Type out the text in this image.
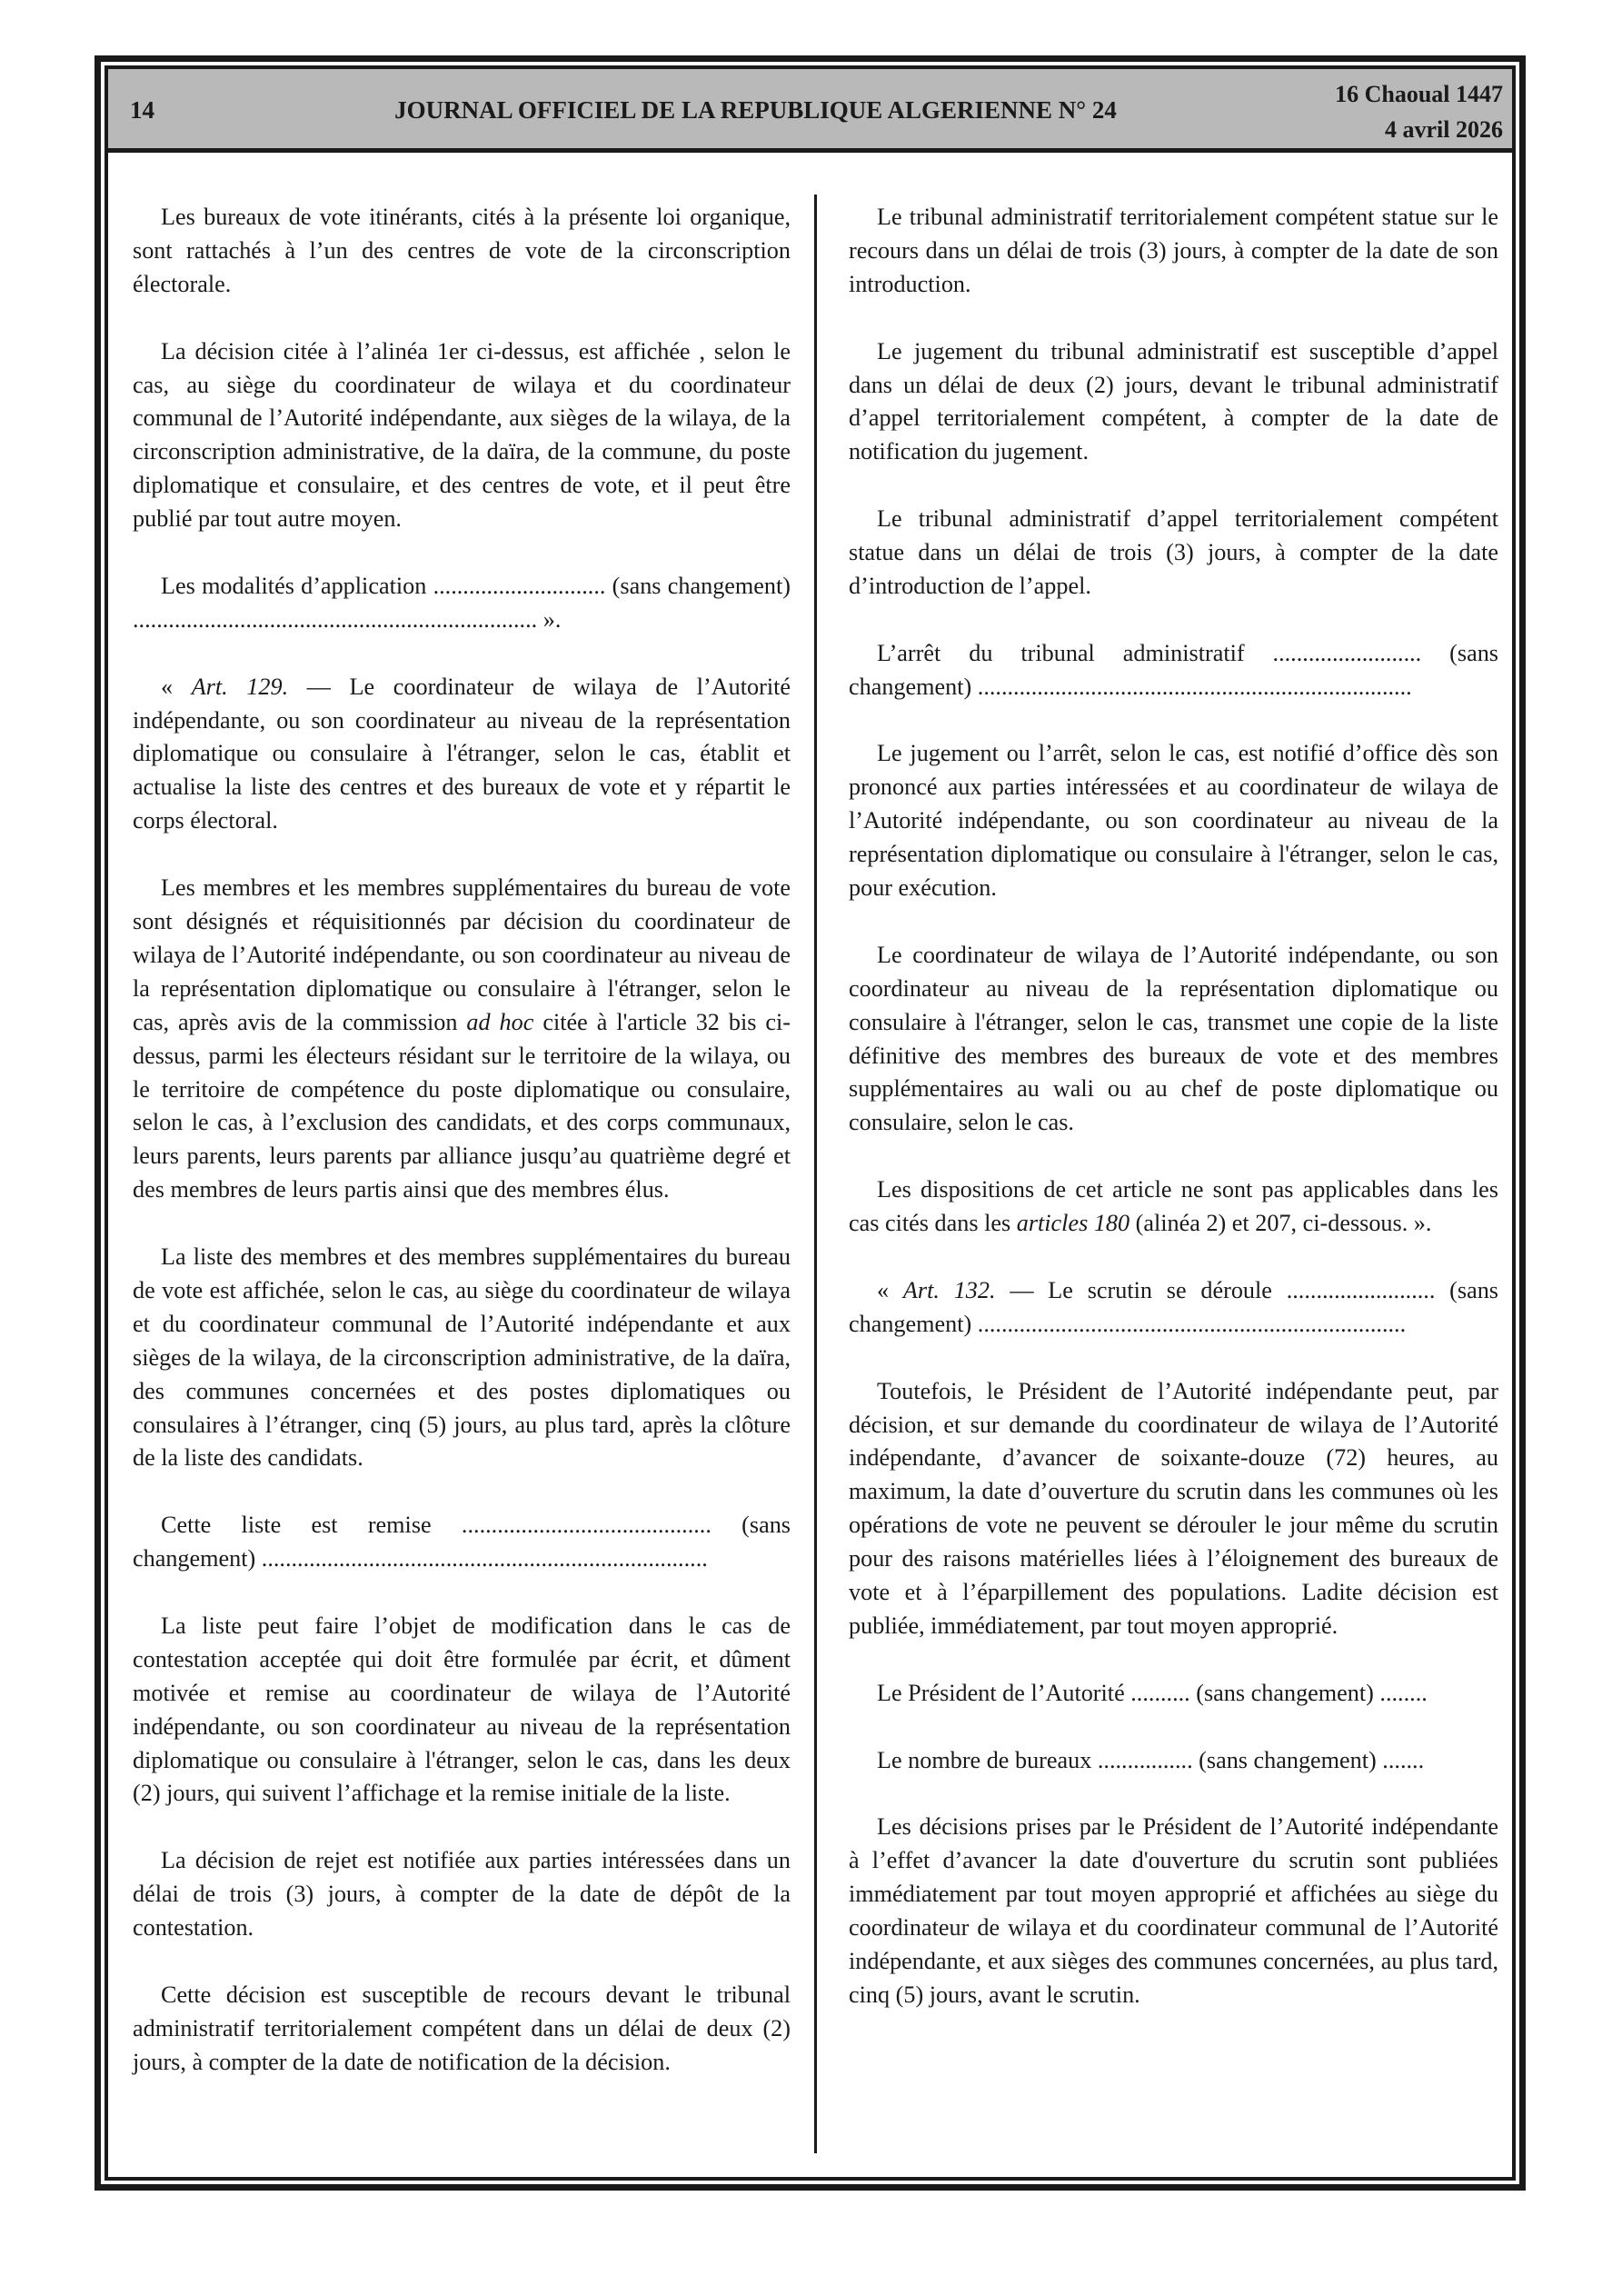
14	JOURNAL OFFICIEL DE LA REPUBLIQUE ALGERIENNE N° 24
16 Chaoual 1447
4 avril 2026

Les bureaux de vote itinérants, cités à la présente loi organique, sont rattachés à l’un des centres de vote de la circonscription électorale.

La décision citée à l’alinéa 1er ci-dessus, est affichée , selon le cas, au siège du coordinateur de wilaya et du coordinateur communal de l’Autorité indépendante, aux sièges de la wilaya, de la circonscription administrative, de la daïra, de la commune, du poste diplomatique et consulaire, et des centres de vote, et il peut être publié par tout autre moyen.

Les modalités d’application ............................. (sans changement) .................................................................... ».

« Art. 129. — Le coordinateur de wilaya de l’Autorité indépendante, ou son coordinateur au niveau de la représentation diplomatique ou consulaire à l'étranger, selon le cas, établit et actualise la liste des centres et des bureaux de vote et y répartit le corps électoral.

Les membres et les membres supplémentaires du bureau de vote sont désignés et réquisitionnés par décision du coordinateur de wilaya de l’Autorité indépendante, ou son coordinateur au niveau de la représentation diplomatique ou consulaire à l'étranger, selon le cas, après avis de la commission ad hoc citée à l'article 32 bis ci-dessus, parmi les électeurs résidant sur le territoire de la wilaya, ou le territoire de compétence du poste diplomatique ou consulaire, selon le cas, à l’exclusion des candidats, et des corps communaux, leurs parents, leurs parents par alliance jusqu’au quatrième degré et des membres de leurs partis ainsi que des membres élus.

La liste des membres et des membres supplémentaires du bureau de vote est affichée, selon le cas, au siège du coordinateur de wilaya et du coordinateur communal de l’Autorité indépendante et aux sièges de la wilaya, de la circonscription administrative, de la daïra, des communes concernées et des postes diplomatiques ou consulaires à l’étranger, cinq (5) jours, au plus tard, après la clôture de la liste des candidats.

Cette liste est remise .......................................... (sans changement) ...........................................................................

La liste peut faire l’objet de modification dans le cas de contestation acceptée qui doit être formulée par écrit, et dûment motivée et remise au coordinateur de wilaya de l’Autorité indépendante, ou son coordinateur au niveau de la représentation diplomatique ou consulaire à l'étranger, selon le cas, dans les deux (2) jours, qui suivent l’affichage et la remise initiale de la liste.

La décision de rejet est notifiée aux parties intéressées dans un délai de trois (3) jours, à compter de la date de dépôt de la contestation.

Cette décision est susceptible de recours devant le tribunal administratif territorialement compétent dans un délai de deux (2) jours, à compter de la date de notification de la décision.

Le tribunal administratif territorialement compétent statue sur le recours dans un délai de trois (3) jours, à compter de la date de son introduction.

Le jugement du tribunal administratif est susceptible d’appel dans un délai de deux (2) jours, devant le tribunal administratif d’appel territorialement compétent, à compter de la date de notification du jugement.

Le tribunal administratif d’appel territorialement compétent statue dans un délai de trois (3) jours, à compter de la date d’introduction de l’appel.

L’arrêt du tribunal administratif ......................... (sans changement) .........................................................................

Le jugement ou l’arrêt, selon le cas, est notifié d’office dès son prononcé aux parties intéressées et au coordinateur de wilaya de l’Autorité indépendante, ou son coordinateur au niveau de la représentation diplomatique ou consulaire à l'étranger, selon le cas, pour exécution.

Le coordinateur de wilaya de l’Autorité indépendante, ou son coordinateur au niveau de la représentation diplomatique ou consulaire à l'étranger, selon le cas, transmet une copie de la liste définitive des membres des bureaux de vote et des membres supplémentaires au wali ou au chef de poste diplomatique ou consulaire, selon le cas.

Les dispositions de cet article ne sont pas applicables dans les cas cités dans les articles 180 (alinéa 2) et 207, ci-dessous. ».

« Art. 132. — Le scrutin se déroule ......................... (sans changement) ........................................................................

Toutefois, le Président de l’Autorité indépendante peut, par décision, et sur demande du coordinateur de wilaya de l’Autorité indépendante, d’avancer de soixante-douze (72) heures, au maximum, la date d’ouverture du scrutin dans les communes où les opérations de vote ne peuvent se dérouler le jour même du scrutin pour des raisons matérielles liées à l’éloignement des bureaux de vote et à l’éparpillement des populations. Ladite décision est publiée, immédiatement, par tout moyen approprié.

Le Président de l’Autorité .......... (sans changement) ........

Le nombre de bureaux ................ (sans changement) .......

Les décisions prises par le Président de l’Autorité indépendante à l’effet d’avancer la date d'ouverture du scrutin sont publiées immédiatement par tout moyen approprié et affichées au siège du coordinateur de wilaya et du coordinateur communal de l’Autorité indépendante, et aux sièges des communes concernées, au plus tard, cinq (5) jours, avant le scrutin.
